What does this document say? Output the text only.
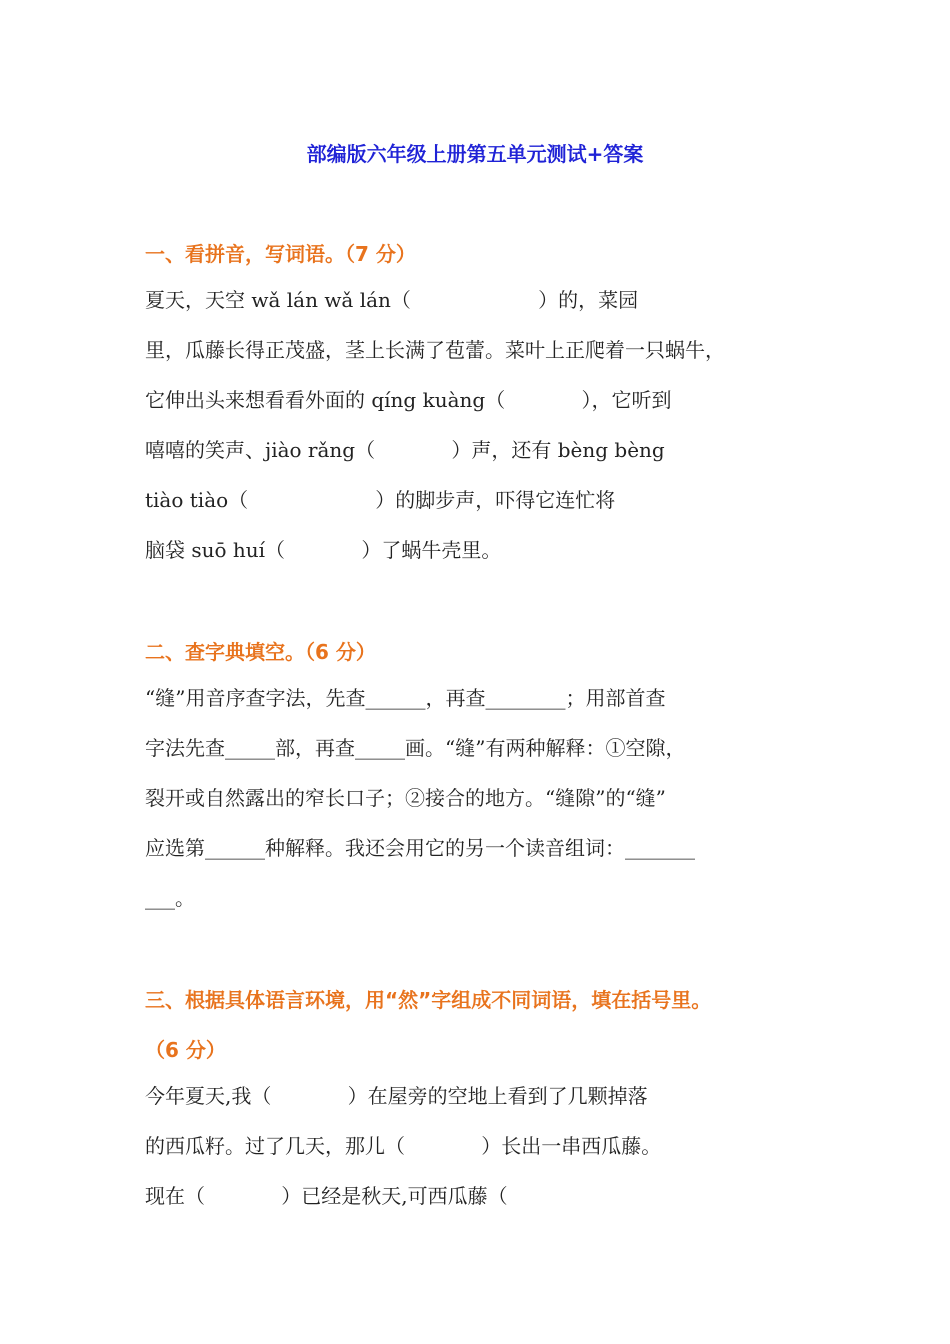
部编版六年级上册第五单元测试+答案
一、看拼音，写词语。（7 分）
夏天，天空 wǎ lán wǎ lán（                    ）的，菜园
里，瓜藤长得正茂盛，茎上长满了苞蕾。菜叶上正爬着一只蜗牛，
它伸出头来想看看外面的 qíng kuàng（            ），它听到
嘻嘻的笑声、jiào rǎng（            ）声，还有 bèng bèng
tiào tiào（                    ）的脚步声，吓得它连忙将
脑袋 suō huí（            ）了蜗牛壳里。
二、查字典填空。（6 分）
“缝”用音序查字法，先查______，再查________；用部首查
字法先查_____部，再查_____画。“缝”有两种解释：①空隙，
裂开或自然露出的窄长口子；②接合的地方。“缝隙”的“缝”
应选第______种解释。我还会用它的另一个读音组词：_______
___。
三、根据具体语言环境，用“然”字组成不同词语，填在括号里。
（6 分）
今年夏天,我（            ）在屋旁的空地上看到了几颗掉落
的西瓜籽。过了几天，那儿（            ）长出一串西瓜藤。
现在（            ）已经是秋天,可西瓜藤（
